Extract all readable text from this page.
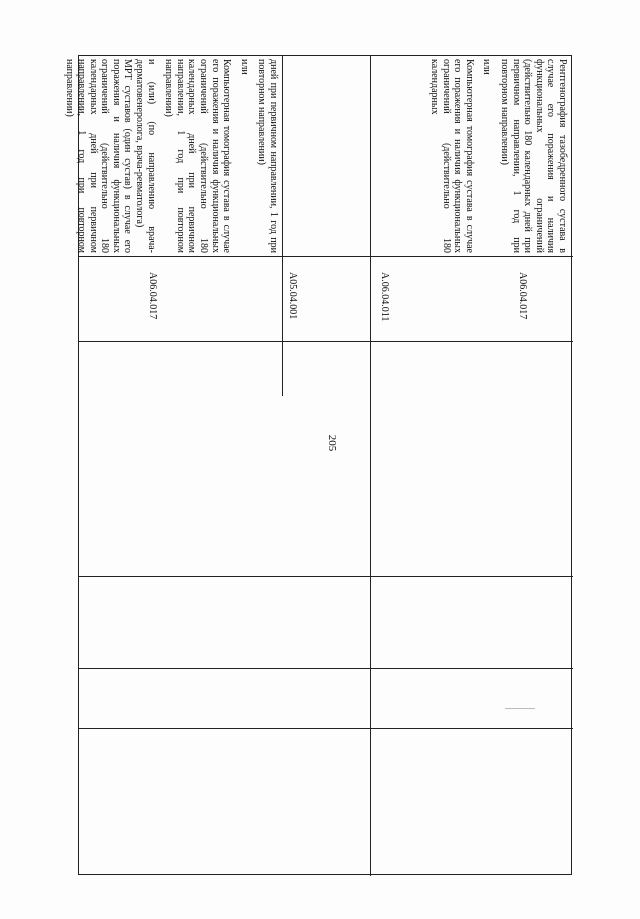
205

дней при первичном направлении, 1 год при повторном направлении)

или

Компьютерная томография сустава в случае его поражения и наличия функциональных ограничений (действительно 180 календарных дней при первичном направлении, 1 год при повторном направлении)

и (или) (по направлению врача-дерматовенеролога, врача-ревматолога)

МРТ суставов (один сустав) в случае его поражения и наличия функциональных ограничений (действительно 180 календарных дней при первичном направлении, 1 год при повторном направлении)

A06.04.017	A05.04.001

Рентгенография тазобедренного сустава в случае его поражения и наличия функциональных ограничений (действительно 180 календарных дней при первичном направлении, 1 год при повторном направлении)

или

Компьютерная томография сустава в случае его поражения и наличия функциональных ограничений (действительно 180 календарных

A.06.04.011	A06.04.017
